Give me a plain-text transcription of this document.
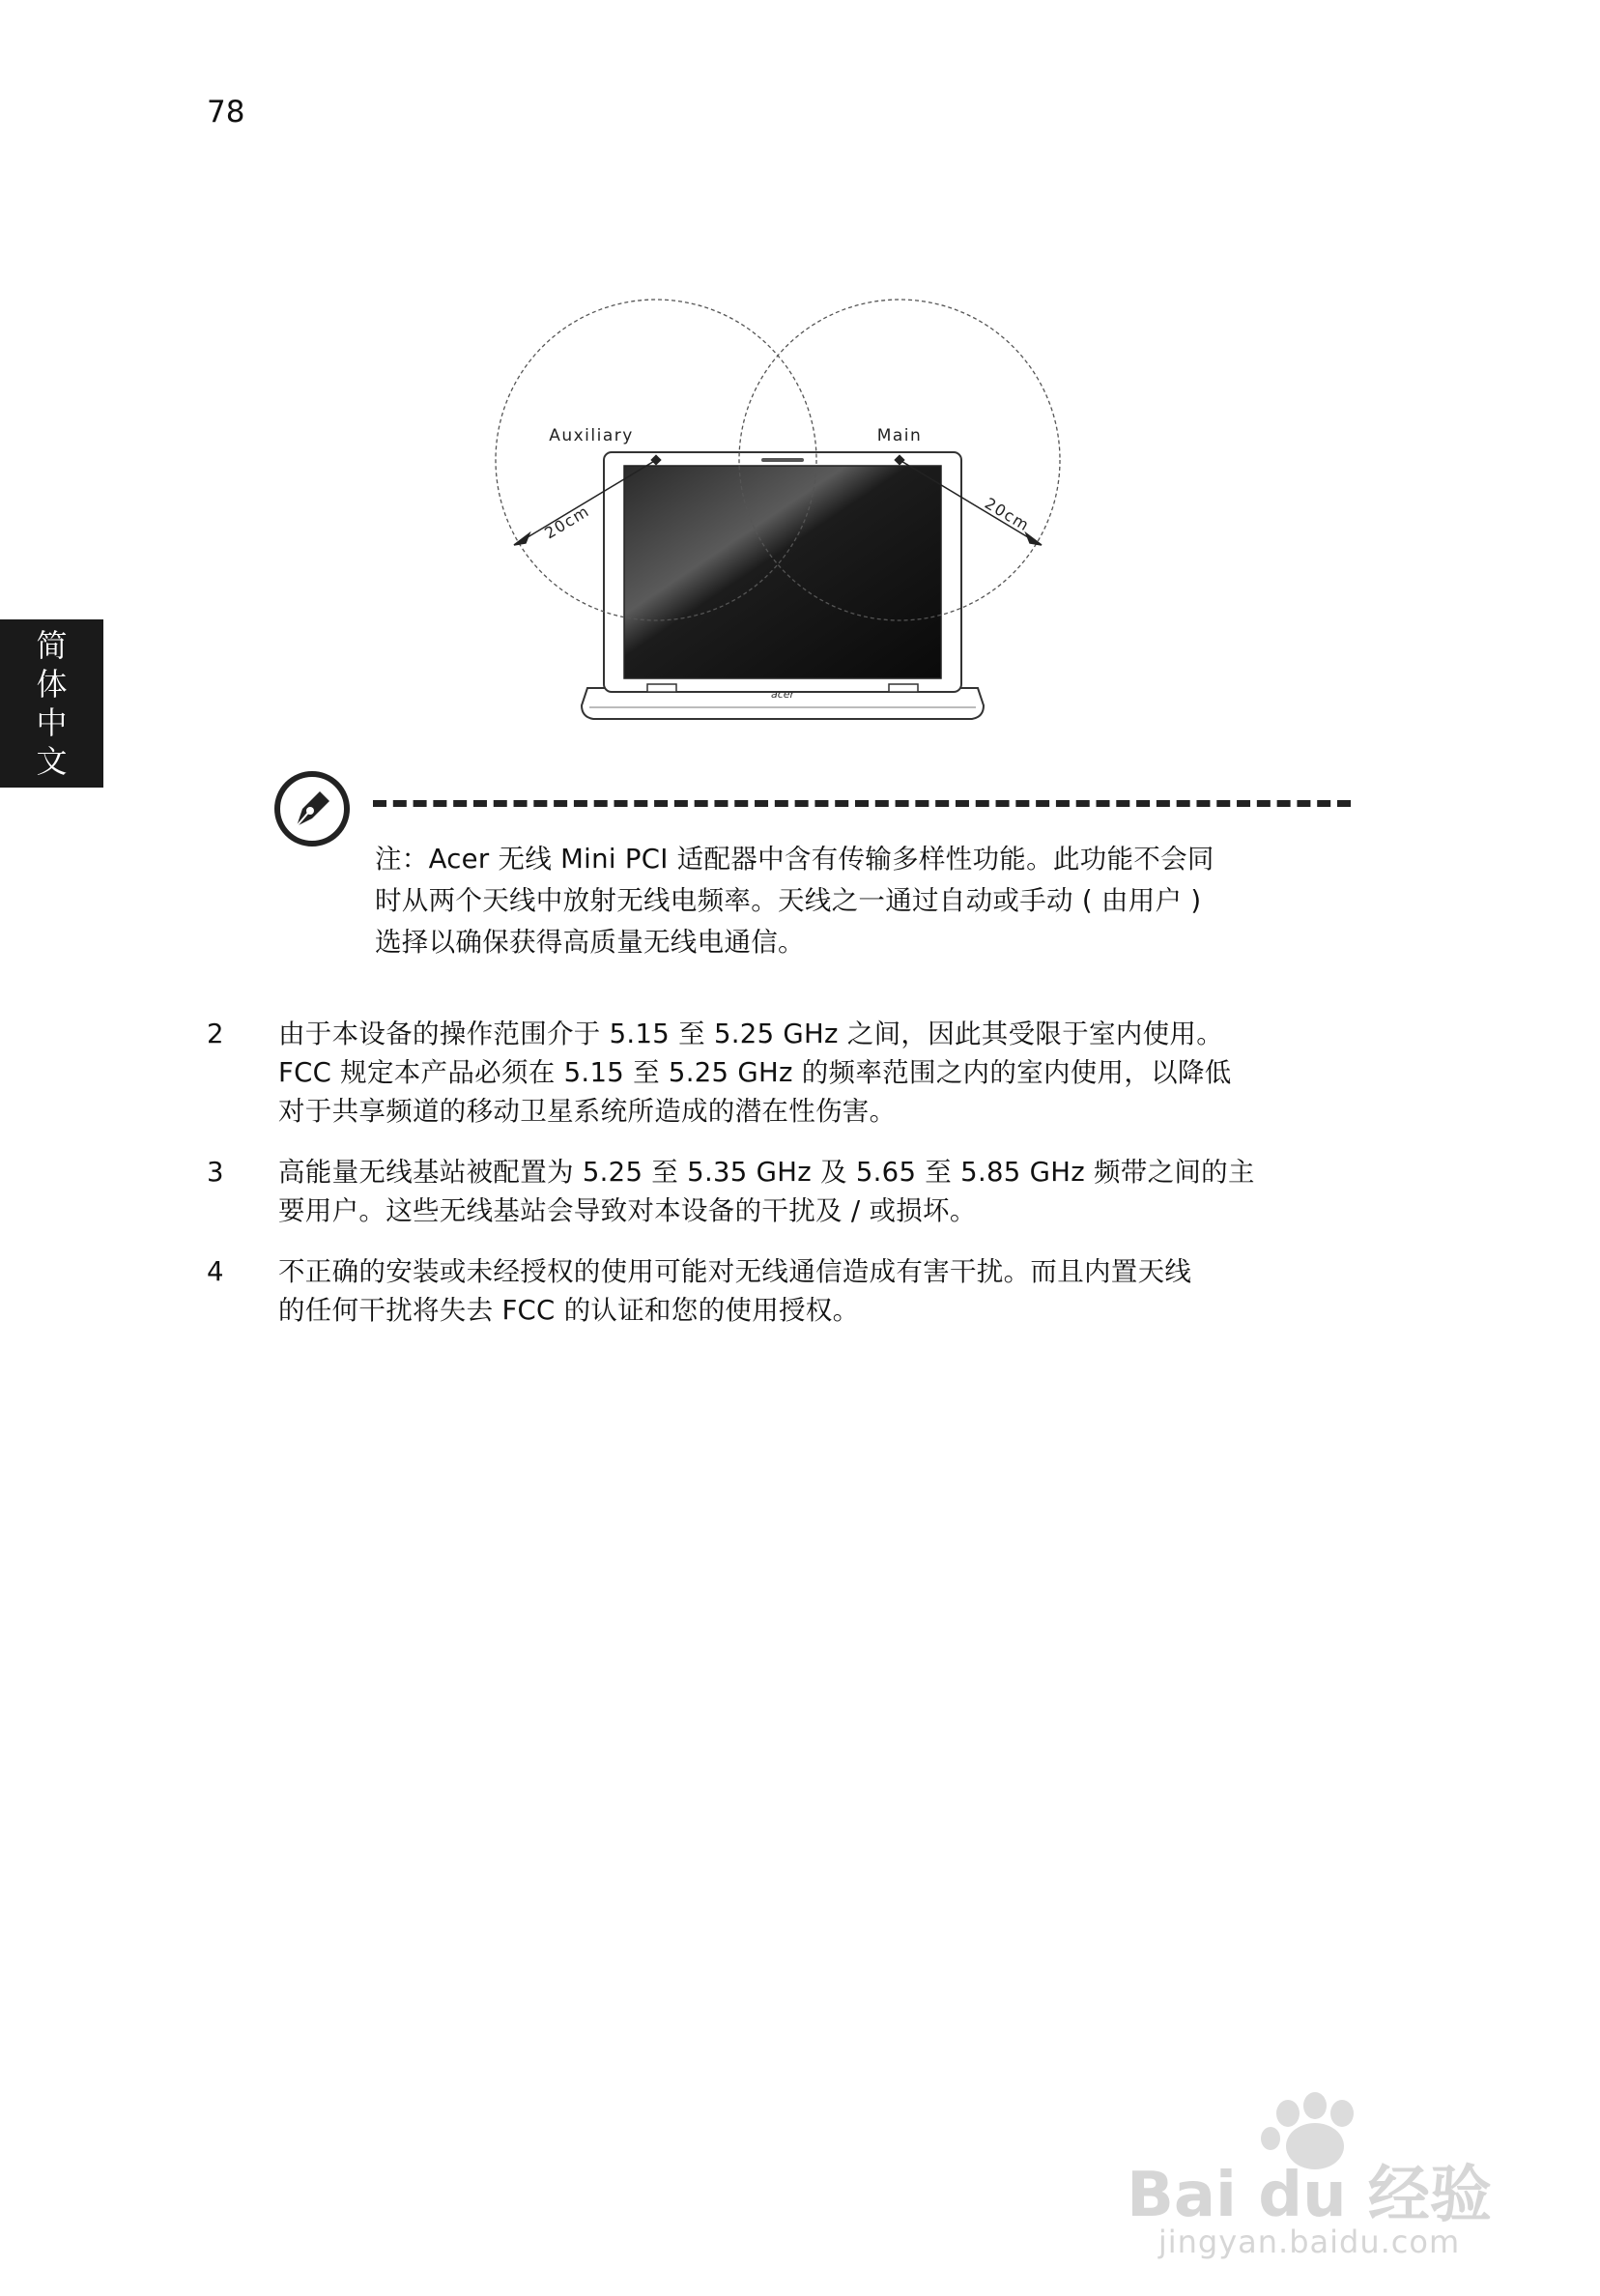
78
简
体
中
文
acer
Auxiliary	Main
20cm	20cm
注：Acer 无线 Mini PCI 适配器中含有传输多样性功能。此功能不会同
时从两个天线中放射无线电频率。天线之一通过自动或手动 ( 由用户 )
选择以确保获得高质量无线电通信。
2 由于本设备的操作范围介于 5.15 至 5.25 GHz 之间，因此其受限于室内使用。
FCC 规定本产品必须在 5.15 至 5.25 GHz 的频率范围之内的室内使用，以降低
对于共享频道的移动卫星系统所造成的潜在性伤害。
3 高能量无线基站被配置为 5.25 至 5.35 GHz 及 5.65 至 5.85 GHz 频带之间的主
要用户。这些无线基站会导致对本设备的干扰及 / 或损坏。
4 不正确的安装或未经授权的使用可能对无线通信造成有害干扰。而且内置天线
的任何干扰将失去 FCC 的认证和您的使用授权。
Bai du 经验
jingyan.baidu.com
